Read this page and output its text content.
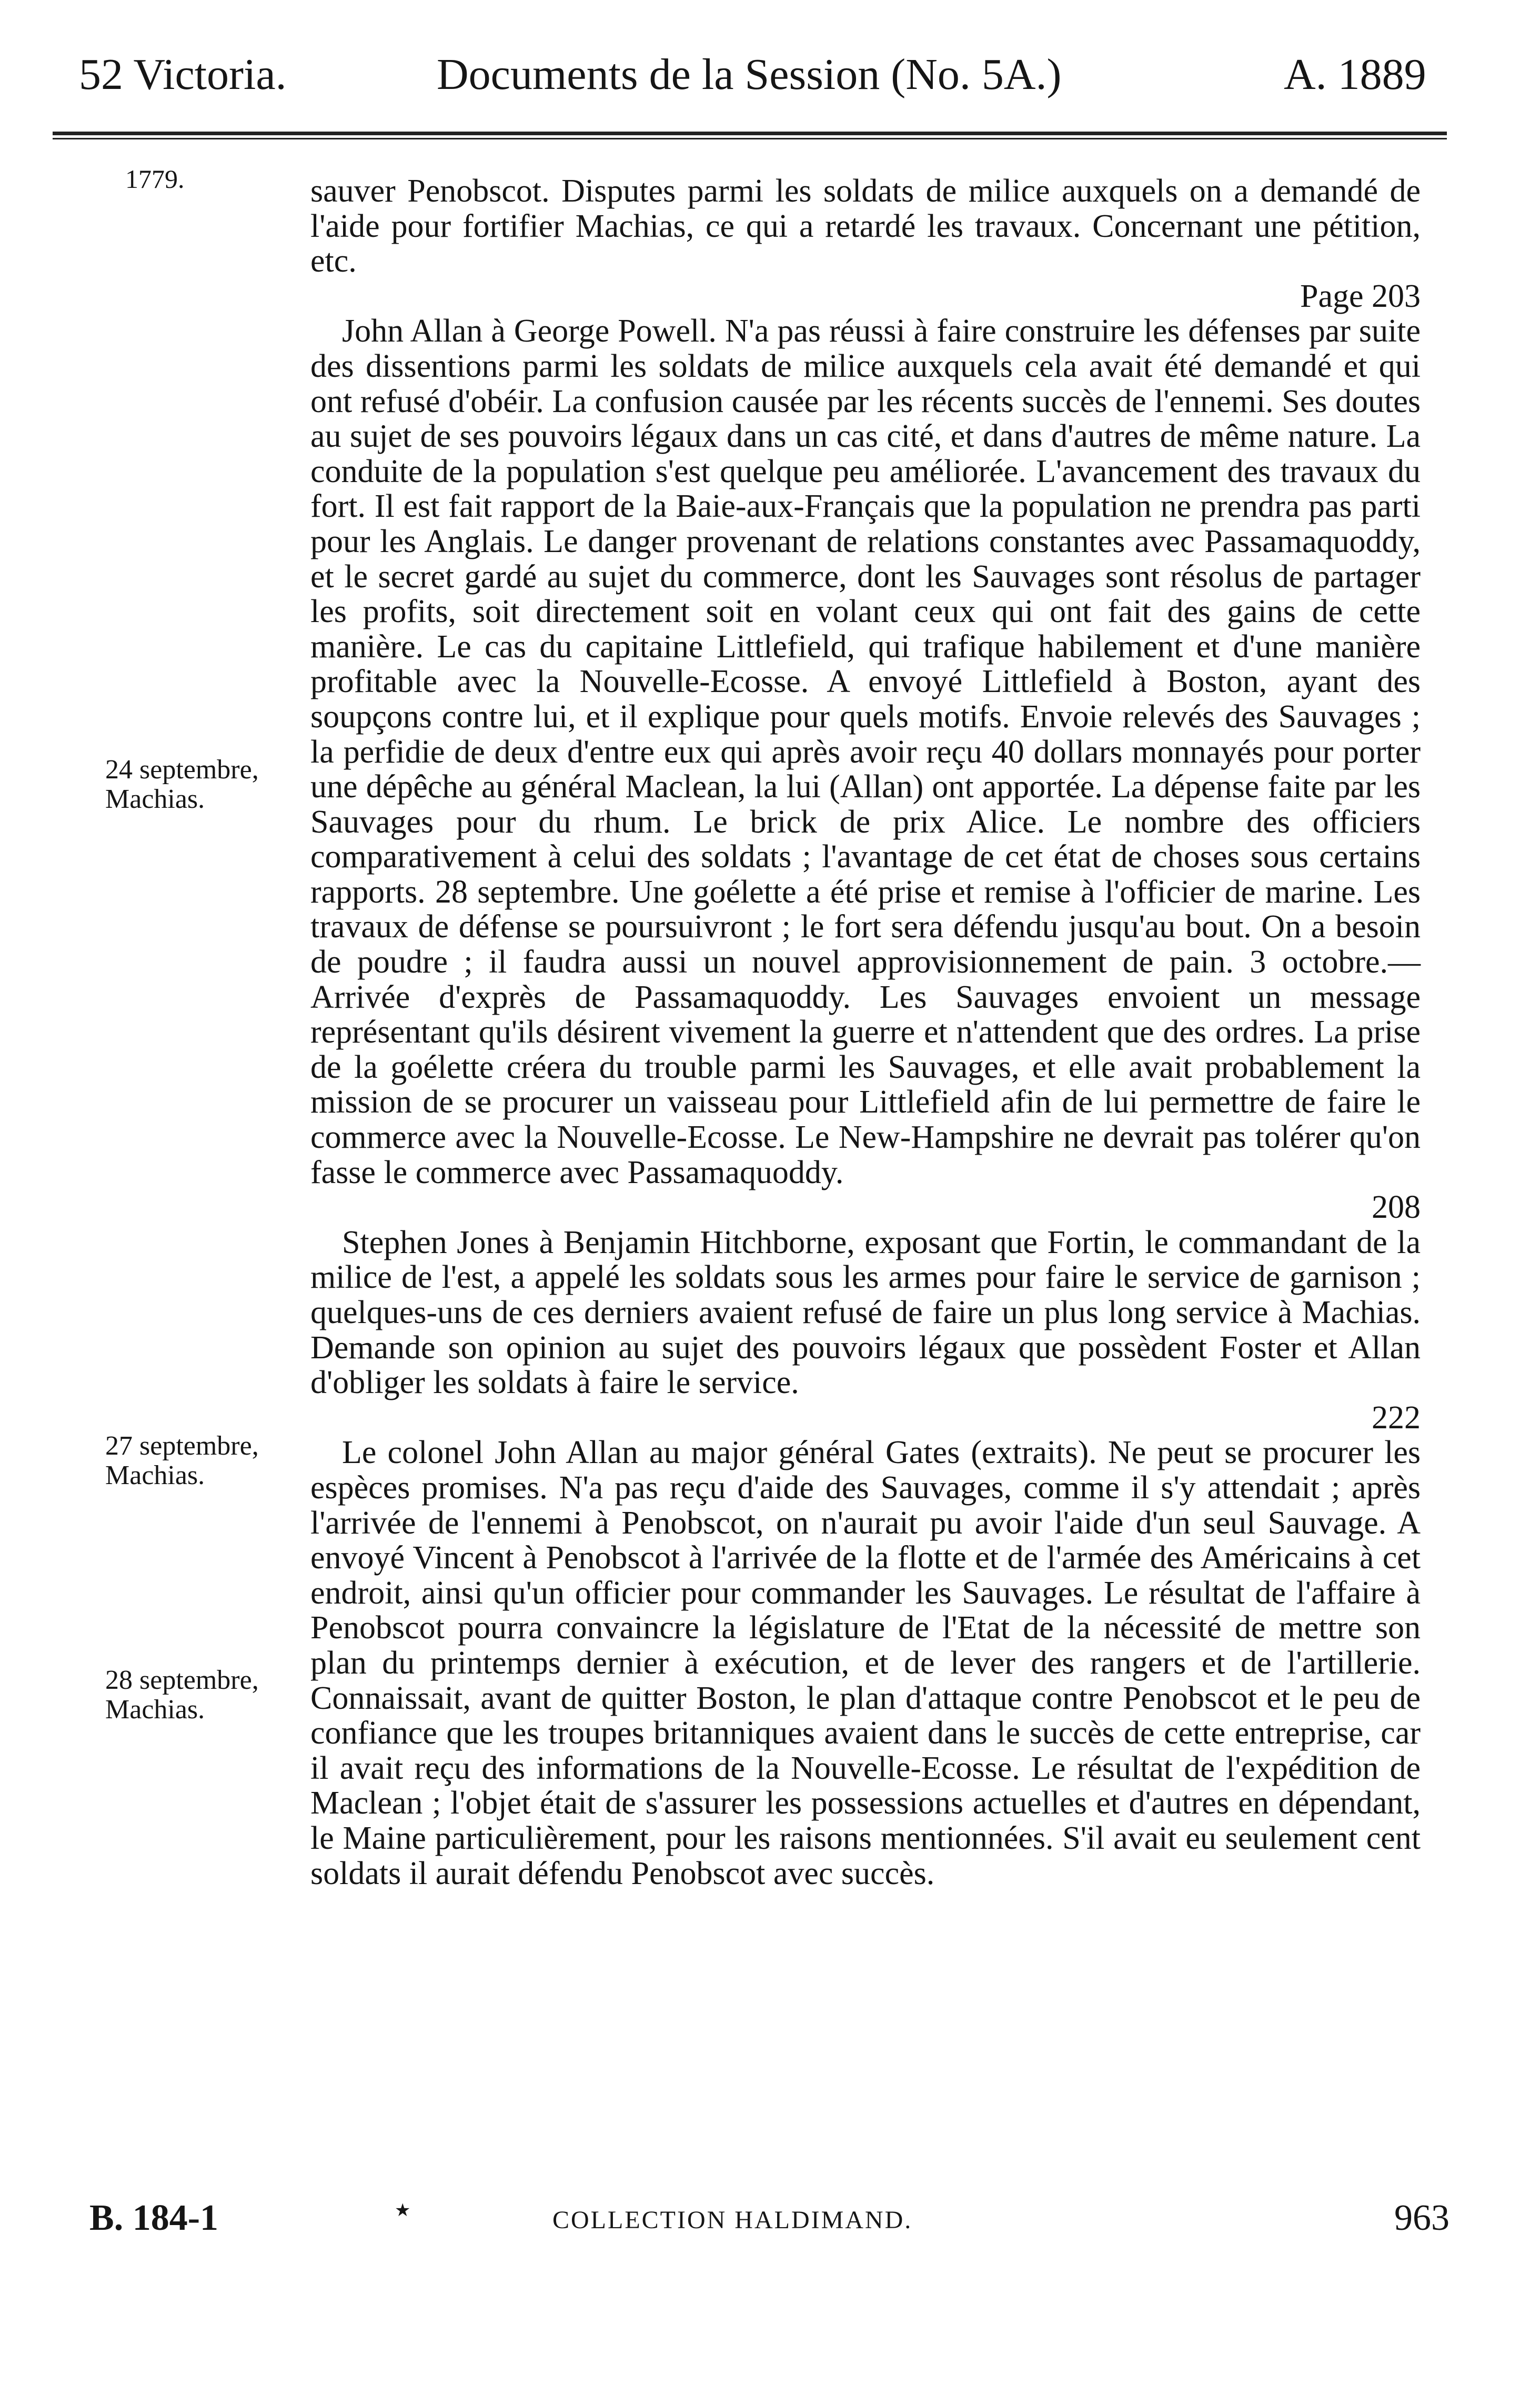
52 Victoria.	Documents de la Session (No. 5A.)	A. 1889
1779.
24 septembre,
Machias.
27 septembre,
Machias.
28 septembre,
Machias.

sauver Penobscot. Disputes parmi les soldats de milice auxquels on a demandé de l'aide pour fortifier Machias, ce qui a retardé les travaux. Concernant une pétition, etc.

Page 203

John Allan à George Powell. N'a pas réussi à faire construire les défenses par suite des dissentions parmi les soldats de milice auxquels cela avait été demandé et qui ont refusé d'obéir. La confusion causée par les récents succès de l'ennemi. Ses doutes au sujet de ses pouvoirs légaux dans un cas cité, et dans d'autres de même nature. La conduite de la population s'est quelque peu améliorée. L'avancement des travaux du fort. Il est fait rapport de la Baie-aux-Français que la population ne prendra pas parti pour les Anglais. Le danger provenant de relations constantes avec Passamaquoddy, et le secret gardé au sujet du commerce, dont les Sauvages sont résolus de partager les profits, soit directement soit en volant ceux qui ont fait des gains de cette manière. Le cas du capitaine Littlefield, qui trafique habilement et d'une manière profitable avec la Nouvelle-Ecosse. A envoyé Littlefield à Boston, ayant des soupçons contre lui, et il explique pour quels motifs. Envoie relevés des Sauvages ; la perfidie de deux d'entre eux qui après avoir reçu 40 dollars monnayés pour porter une dépêche au général Maclean, la lui (Allan) ont apportée. La dépense faite par les Sauvages pour du rhum. Le brick de prix Alice. Le nombre des officiers comparativement à celui des soldats ; l'avantage de cet état de choses sous certains rapports. 28 septembre. Une goélette a été prise et remise à l'officier de marine. Les travaux de défense se poursuivront ; le fort sera défendu jusqu'au bout. On a besoin de poudre ; il faudra aussi un nouvel approvisionnement de pain. 3 octobre.—Arrivée d'exprès de Passamaquoddy. Les Sauvages envoient un message représentant qu'ils désirent vivement la guerre et n'attendent que des ordres. La prise de la goélette créera du trouble parmi les Sauvages, et elle avait probablement la mission de se procurer un vaisseau pour Littlefield afin de lui permettre de faire le commerce avec la Nouvelle-Ecosse. Le New-Hampshire ne devrait pas tolérer qu'on fasse le commerce avec Passamaquoddy.

208

Stephen Jones à Benjamin Hitchborne, exposant que Fortin, le commandant de la milice de l'est, a appelé les soldats sous les armes pour faire le service de garnison ; quelques-uns de ces derniers avaient refusé de faire un plus long service à Machias. Demande son opinion au sujet des pouvoirs légaux que possèdent Foster et Allan d'obliger les soldats à faire le service.

222

Le colonel John Allan au major général Gates (extraits). Ne peut se procurer les espèces promises. N'a pas reçu d'aide des Sauvages, comme il s'y attendait ; après l'arrivée de l'ennemi à Penobscot, on n'aurait pu avoir l'aide d'un seul Sauvage. A envoyé Vincent à Penobscot à l'arrivée de la flotte et de l'armée des Américains à cet endroit, ainsi qu'un officier pour commander les Sauvages. Le résultat de l'affaire à Penobscot pourra convaincre la législature de l'Etat de la nécessité de mettre son plan du printemps dernier à exécution, et de lever des rangers et de l'artillerie. Connaissait, avant de quitter Boston, le plan d'attaque contre Penobscot et le peu de confiance que les troupes britanniques avaient dans le succès de cette entreprise, car il avait reçu des informations de la Nouvelle-Ecosse. Le résultat de l'expédition de Maclean ; l'objet était de s'assurer les possessions actuelles et d'autres en dépendant, le Maine particulièrement, pour les raisons mentionnées. S'il avait eu seulement cent soldats il aurait défendu Penobscot avec succès.

B. 184-1	★	COLLECTION HALDIMAND.	963
